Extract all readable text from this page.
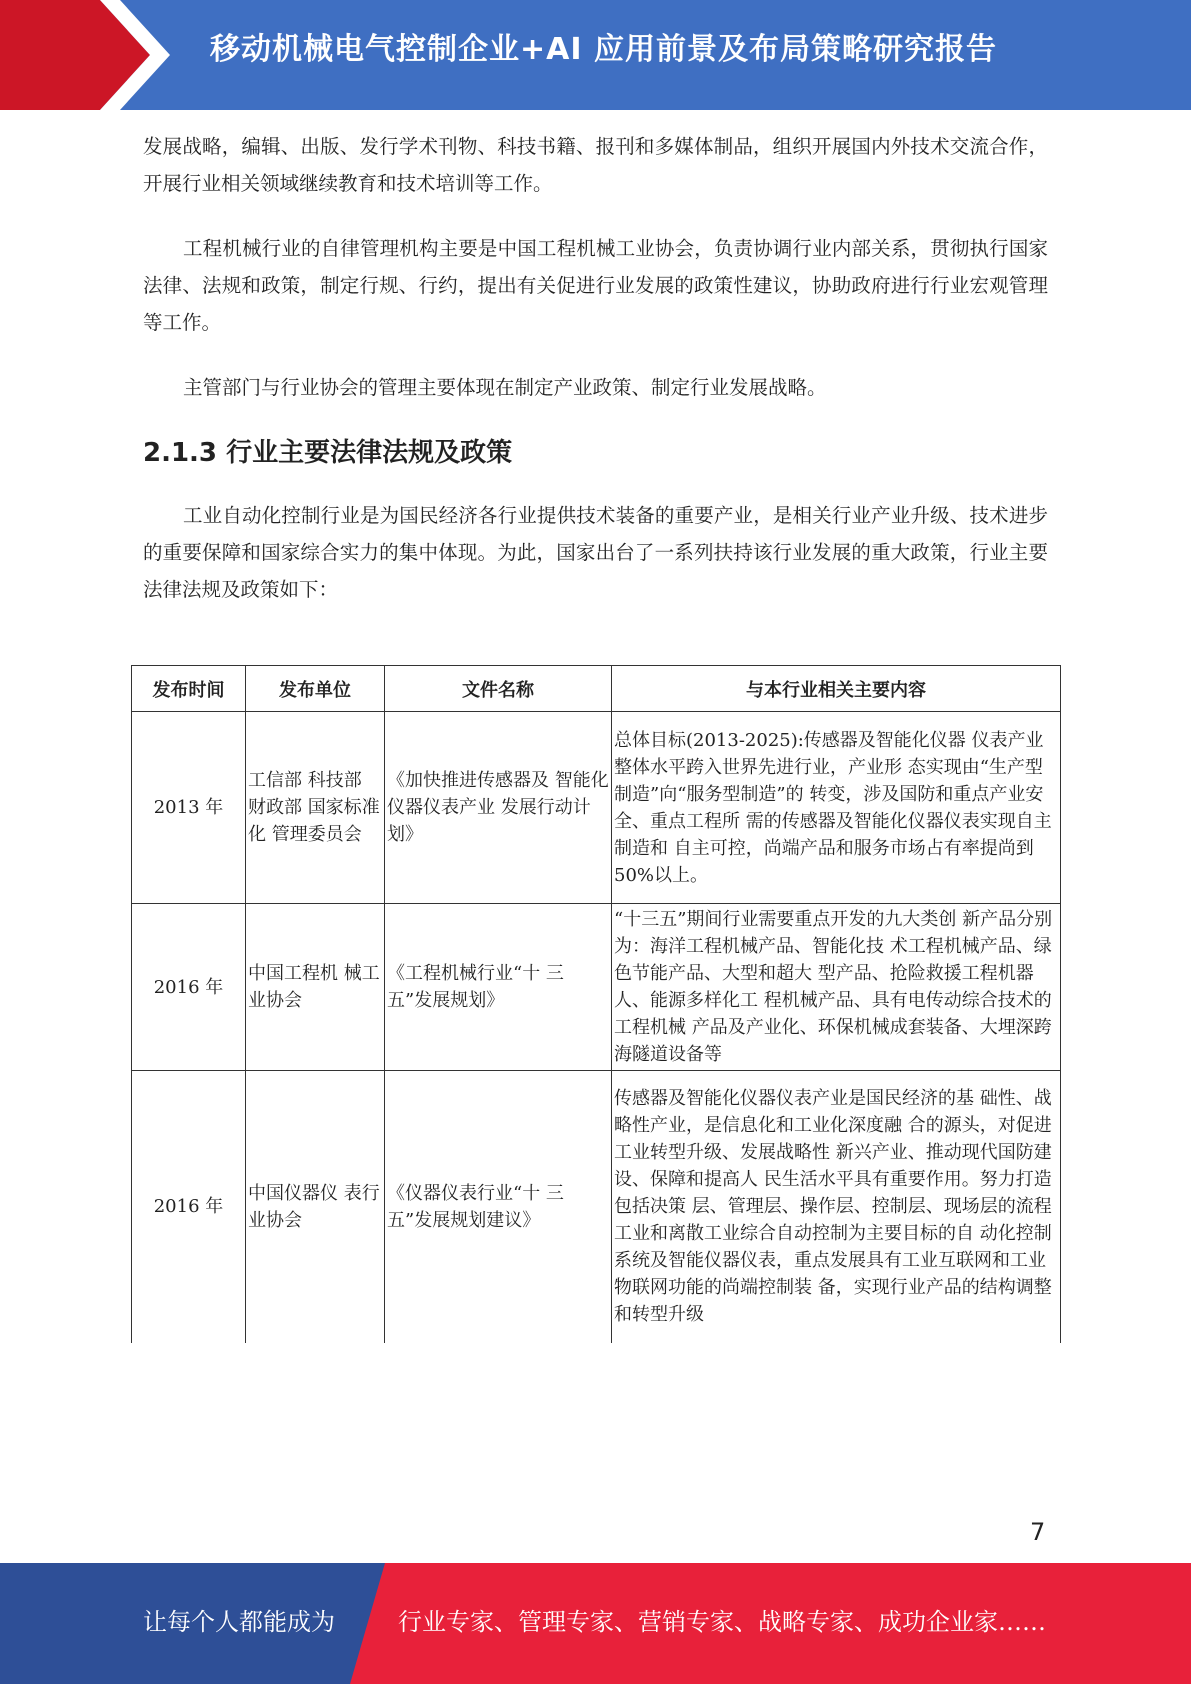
移动机械电气控制企业+AI 应用前景及布局策略研究报告

发展战略，编辑、出版、发行学术刊物、科技书籍、报刊和多媒体制品，组织开展国内外技术交流合作，开展行业相关领域继续教育和技术培训等工作。

工程机械行业的自律管理机构主要是中国工程机械工业协会，负责协调行业内部关系，贯彻执行国家法律、法规和政策，制定行规、行约，提出有关促进行业发展的政策性建议，协助政府进行行业宏观管理等工作。

主管部门与行业协会的管理主要体现在制定产业政策、制定行业发展战略。

2.1.3 行业主要法律法规及政策

工业自动化控制行业是为国民经济各行业提供技术装备的重要产业，是相关行业产业升级、技术进步的重要保障和国家综合实力的集中体现。为此，国家出台了一系列扶持该行业发展的重大政策，行业主要法律法规及政策如下：

发布时间	发布单位	文件名称	与本行业相关主要内容
2013 年	工信部 科技部 财政部 国家标准化 管理委员会	《加快推进传感器及 智能化仪器仪表产业 发展行动计划》	总体目标(2013-2025):传感器及智能化仪器 仪表产业整体水平跨入世界先进行业，产业形 态实现由“生产型制造”向“服务型制造”的 转变，涉及国防和重点产业安全、重点工程所 需的传感器及智能化仪器仪表实现自主制造和 自主可控，尚端产品和服务市场占有率提尚到 50%以上。
2016 年	中国工程机 械工业协会	《工程机械行业“十 三五”发展规划》	“十三五”期间行业需要重点开发的九大类创 新产品分别为：海洋工程机械产品、智能化技 术工程机械产品、绿色节能产品、大型和超大 型产品、抢险救援工程机器人、能源多样化工 程机械产品、具有电传动综合技术的工程机械 产品及产业化、环保机械成套装备、大埋深跨海隧道设备等
2016 年	中国仪器仪 表行业协会	《仪器仪表行业“十 三五”发展规划建议》	传感器及智能化仪器仪表产业是国民经济的基 础性、战略性产业，是信息化和工业化深度融 合的源头，对促进工业转型升级、发展战略性 新兴产业、推动现代国防建设、保障和提高人 民生活水平具有重要作用。努力打造包括决策 层、管理层、操作层、控制层、现场层的流程 工业和离散工业综合自动控制为主要目标的自 动化控制系统及智能仪器仪表，重点发展具有工业互联网和工业物联网功能的尚端控制装 备，实现行业产品的结构调整和转型升级
7
让每个人都能成为	行业专家、管理专家、营销专家、战略专家、成功企业家……
